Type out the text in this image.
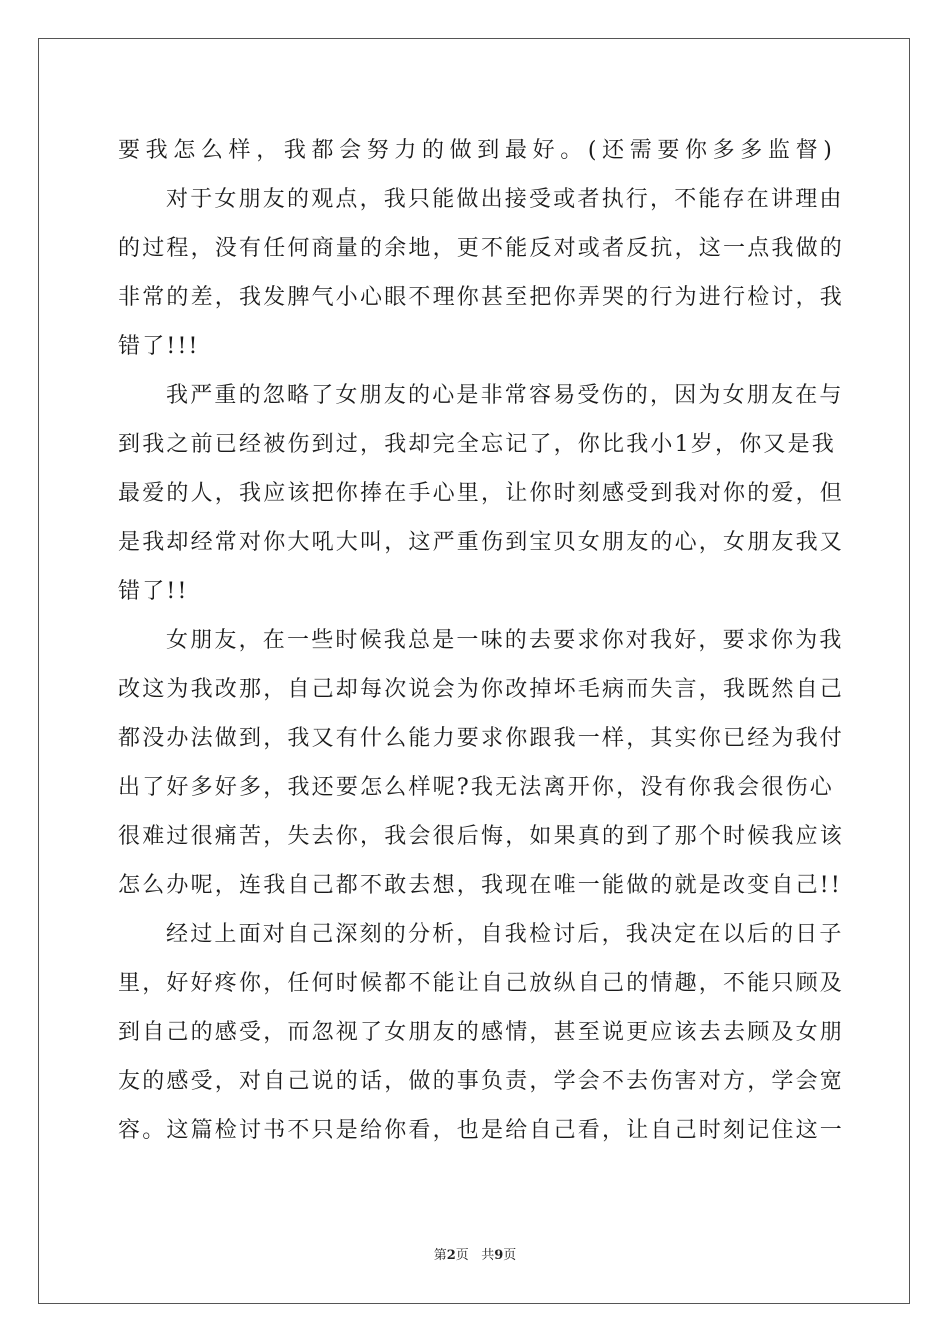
要我怎么样，我都会努力的做到最好。(还需要你多多监督)
对于女朋友的观点，我只能做出接受或者执行，不能存在讲理由
的过程，没有任何商量的余地，更不能反对或者反抗，这一点我做的
非常的差，我发脾气小心眼不理你甚至把你弄哭的行为进行检讨，我
错了!!!
我严重的忽略了女朋友的心是非常容易受伤的，因为女朋友在与
到我之前已经被伤到过，我却完全忘记了，你比我小1岁，你又是我
最爱的人，我应该把你捧在手心里，让你时刻感受到我对你的爱，但
是我却经常对你大吼大叫，这严重伤到宝贝女朋友的心，女朋友我又
错了!!
女朋友，在一些时候我总是一味的去要求你对我好，要求你为我
改这为我改那，自己却每次说会为你改掉坏毛病而失言，我既然自己
都没办法做到，我又有什么能力要求你跟我一样，其实你已经为我付
出了好多好多，我还要怎么样呢?我无法离开你，没有你我会很伤心
很难过很痛苦，失去你，我会很后悔，如果真的到了那个时候我应该
怎么办呢，连我自己都不敢去想，我现在唯一能做的就是改变自己!!
经过上面对自己深刻的分析，自我检讨后，我决定在以后的日子
里，好好疼你，任何时候都不能让自己放纵自己的情趣，不能只顾及
到自己的感受，而忽视了女朋友的感情，甚至说更应该去去顾及女朋
友的感受，对自己说的话，做的事负责，学会不去伤害对方，学会宽
容。这篇检讨书不只是给你看，也是给自己看，让自己时刻记住这一
第2页   共9页
